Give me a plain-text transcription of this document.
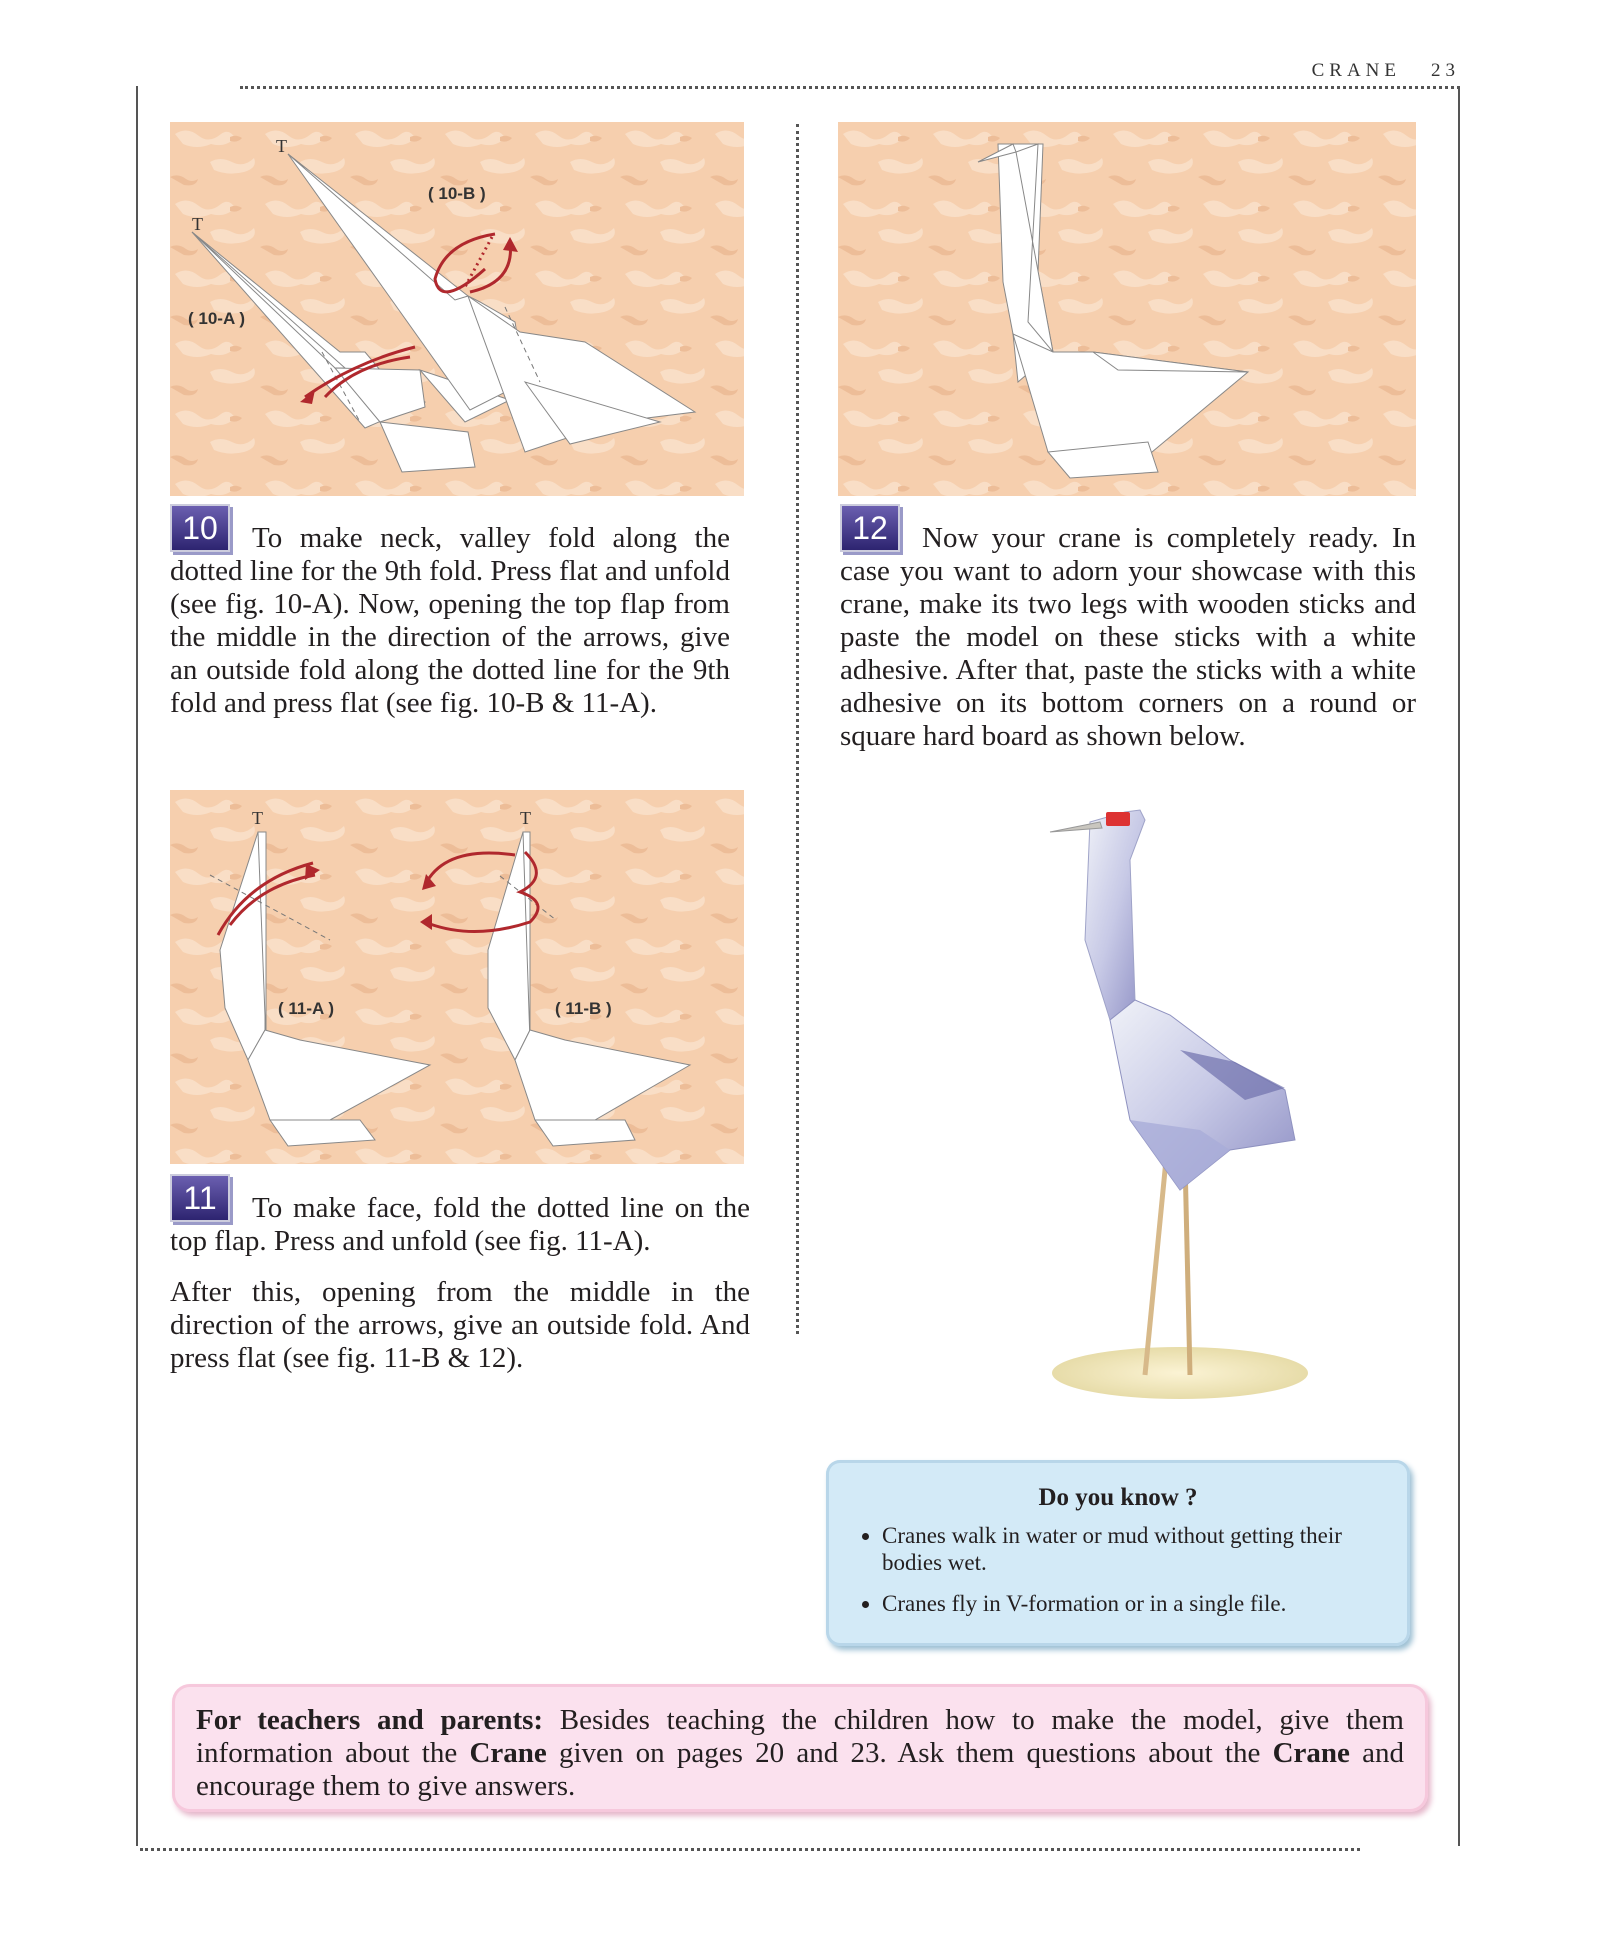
CRANE 23
T
T
( 10-B )
( 10-A )
10	To make neck, valley fold along the dotted line for the 9th fold. Press flat and unfold (see fig. 10-A). Now, opening the top flap from the middle in the direction of the arrows, give an outside fold along the dotted line for the 9th fold and press flat (see fig. 10-B & 11-A).
12	Now your crane is completely ready. In case you want to adorn your showcase with this crane, make its two legs with wooden sticks and paste the model on these sticks with a white adhesive. After that, paste the sticks with a white adhesive on its bottom corners on a round or square hard board as shown below.
T	T
( 11-A )	( 11-B )
11	To make face, fold the dotted line on the top flap. Press and unfold (see fig. 11-A).
After this, opening from the middle in the direction of the arrows, give an outside fold. And press flat (see fig. 11-B & 12).
Do you know ?
• Cranes walk in water or mud without getting their bodies wet.
• Cranes fly in V-formation or in a single file.
For teachers and parents: Besides teaching the children how to make the model, give them information about the Crane given on pages 20 and 23. Ask them questions about the Crane and encourage them to give answers.
